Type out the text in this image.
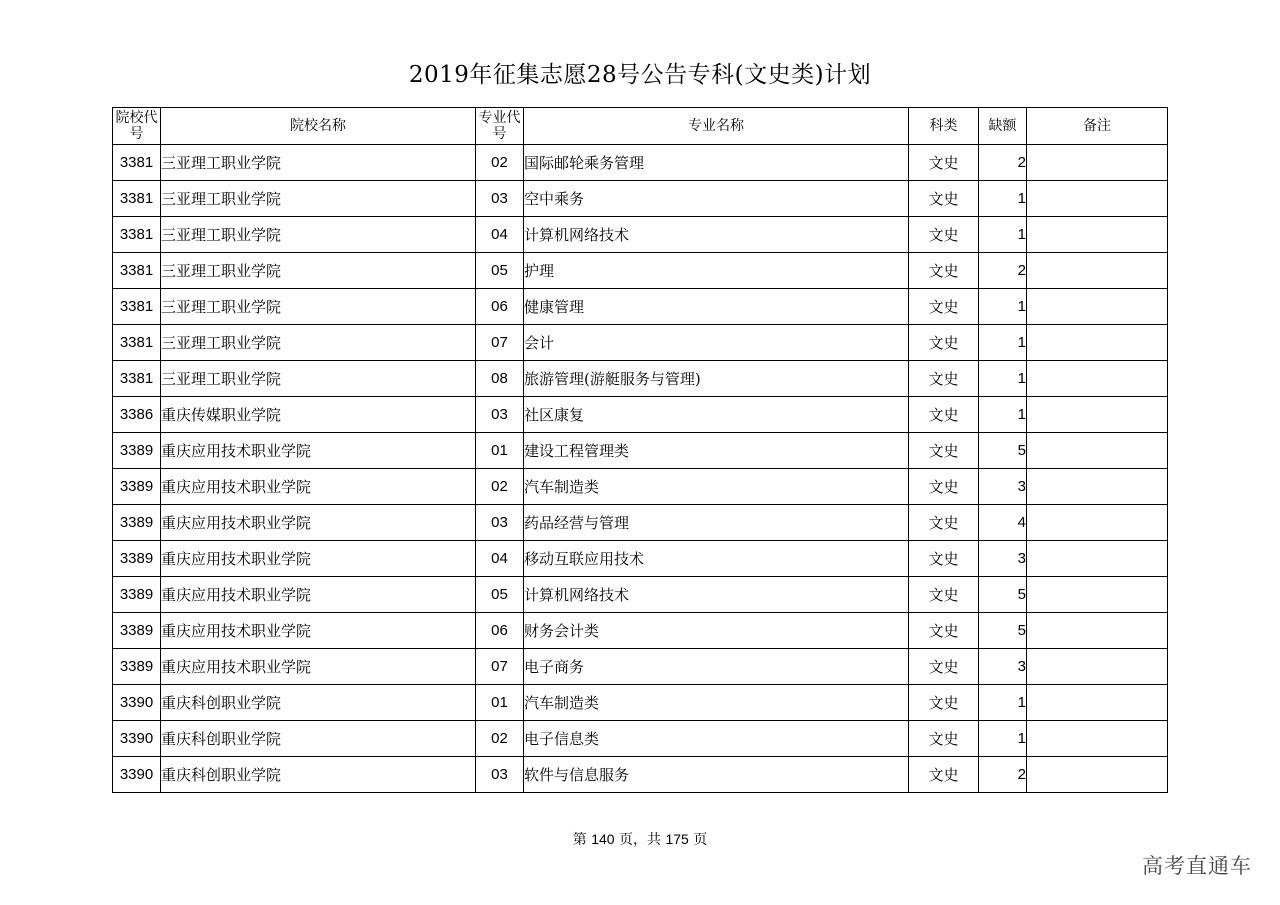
2019年征集志愿28号公告专科(文史类)计划
院校代号	院校名称	专业代号	专业名称	科类	缺额	备注
3381	三亚理工职业学院	02	国际邮轮乘务管理	文史	2	
3381	三亚理工职业学院	03	空中乘务	文史	1	
3381	三亚理工职业学院	04	计算机网络技术	文史	1	
3381	三亚理工职业学院	05	护理	文史	2	
3381	三亚理工职业学院	06	健康管理	文史	1	
3381	三亚理工职业学院	07	会计	文史	1	
3381	三亚理工职业学院	08	旅游管理(游艇服务与管理)	文史	1	
3386	重庆传媒职业学院	03	社区康复	文史	1	
3389	重庆应用技术职业学院	01	建设工程管理类	文史	5	
3389	重庆应用技术职业学院	02	汽车制造类	文史	3	
3389	重庆应用技术职业学院	03	药品经营与管理	文史	4	
3389	重庆应用技术职业学院	04	移动互联应用技术	文史	3	
3389	重庆应用技术职业学院	05	计算机网络技术	文史	5	
3389	重庆应用技术职业学院	06	财务会计类	文史	5	
3389	重庆应用技术职业学院	07	电子商务	文史	3	
3390	重庆科创职业学院	01	汽车制造类	文史	1	
3390	重庆科创职业学院	02	电子信息类	文史	1	
3390	重庆科创职业学院	03	软件与信息服务	文史	2	
第 140 页，共 175 页
高考直通车
